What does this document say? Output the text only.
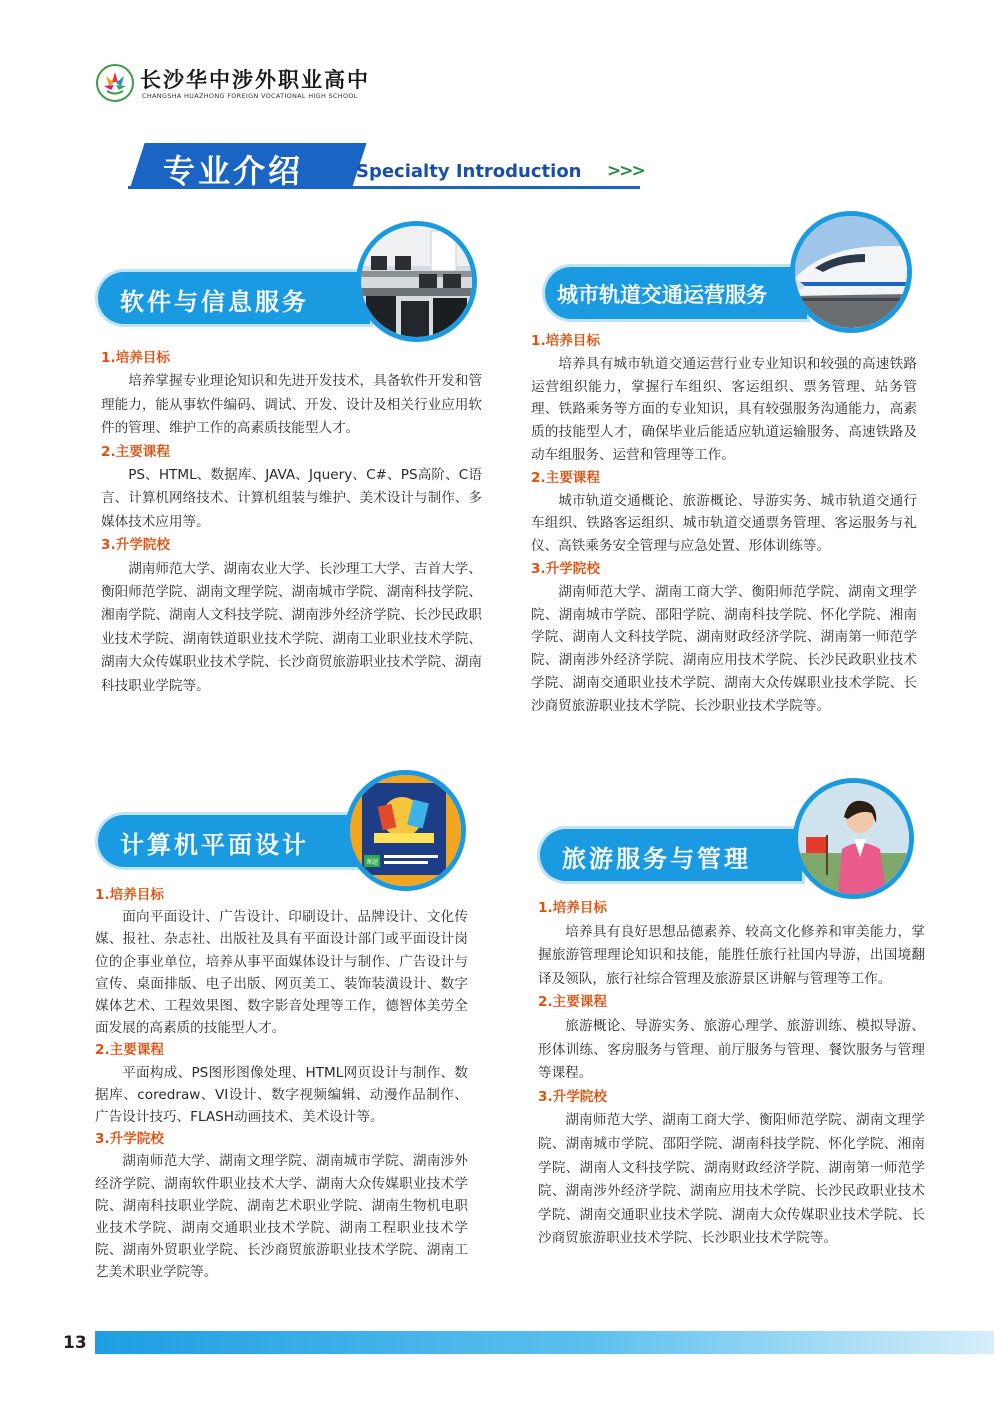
长沙华中涉外职业高中
CHANGSHA HUAZHONG FOREIGN VOCATIONAL HIGH SCHOOL
专业介绍	Specialty Introduction >>>
软件与信息服务
1.培养目标

培养掌握专业理论知识和先进开发技术，具备软件开发和管理能力，能从事软件编码、调试、开发、设计及相关行业应用软件的管理、维护工作的高素质技能型人才。

2.主要课程

PS、HTML、数据库、JAVA、Jquery、C#、PS高阶、C语言、计算机网络技术、计算机组装与维护、美术设计与制作、多媒体技术应用等。

3.升学院校

湖南师范大学、湖南农业大学、长沙理工大学、吉首大学、衡阳师范学院、湖南文理学院、湖南城市学院、湖南科技学院、湘南学院、湖南人文科技学院、湖南涉外经济学院、长沙民政职业技术学院、湖南铁道职业技术学院、湖南工业职业技术学院、湖南大众传媒职业技术学院、长沙商贸旅游职业技术学院、湖南科技职业学院等。

计算机平面设计
课题
1.培养目标

面向平面设计、广告设计、印刷设计、品牌设计、文化传媒、报社、杂志社、出版社及具有平面设计部门或平面设计岗位的企事业单位，培养从事平面媒体设计与制作、广告设计与宣传、桌面排版、电子出版、网页美工、装饰装潢设计、数字媒体艺术、工程效果图、数字影音处理等工作，德智体美劳全面发展的高素质的技能型人才。

2.主要课程

平面构成、PS图形图像处理、HTML网页设计与制作、数据库、coredraw、VI设计、数字视频编辑、动漫作品制作、广告设计技巧、FLASH动画技术、美术设计等。

3.升学院校

湖南师范大学、湖南文理学院、湖南城市学院、湖南涉外经济学院、湖南软件职业技术大学、湖南大众传媒职业技术学院、湖南科技职业学院、湖南艺术职业学院、湖南生物机电职业技术学院、湖南交通职业技术学院、湖南工程职业技术学院、湖南外贸职业学院、长沙商贸旅游职业技术学院、湖南工艺美术职业学院等。

城市轨道交通运营服务
1.培养目标

培养具有城市轨道交通运营行业专业知识和较强的高速铁路运营组织能力，掌握行车组织、客运组织、票务管理、站务管理、铁路乘务等方面的专业知识，具有较强服务沟通能力，高素质的技能型人才，确保毕业后能适应轨道运输服务、高速铁路及动车组服务、运营和管理等工作。

2.主要课程

城市轨道交通概论、旅游概论、导游实务、城市轨道交通行车组织、铁路客运组织、城市轨道交通票务管理、客运服务与礼仪、高铁乘务安全管理与应急处置、形体训练等。

3.升学院校

湖南师范大学、湖南工商大学、衡阳师范学院、湖南文理学院、湖南城市学院、邵阳学院、湖南科技学院、怀化学院、湘南学院、湖南人文科技学院、湖南财政经济学院、湖南第一师范学院、湖南涉外经济学院、湖南应用技术学院、长沙民政职业技术学院、湖南交通职业技术学院、湖南大众传媒职业技术学院、长沙商贸旅游职业技术学院、长沙职业技术学院等。

旅游服务与管理
1.培养目标

培养具有良好思想品德素养、较高文化修养和审美能力，掌握旅游管理理论知识和技能，能胜任旅行社国内导游，出国境翻译及领队，旅行社综合管理及旅游景区讲解与管理等工作。

2.主要课程

旅游概论、导游实务、旅游心理学、旅游训练、模拟导游、形体训练、客房服务与管理、前厅服务与管理、餐饮服务与管理等课程。

3.升学院校

湖南师范大学、湖南工商大学、衡阳师范学院、湖南文理学院、湖南城市学院、邵阳学院、湖南科技学院、怀化学院、湘南学院、湖南人文科技学院、湖南财政经济学院、湖南第一师范学院、湖南涉外经济学院、湖南应用技术学院、长沙民政职业技术学院、湖南交通职业技术学院、湖南大众传媒职业技术学院、长沙商贸旅游职业技术学院、长沙职业技术学院等。

13
